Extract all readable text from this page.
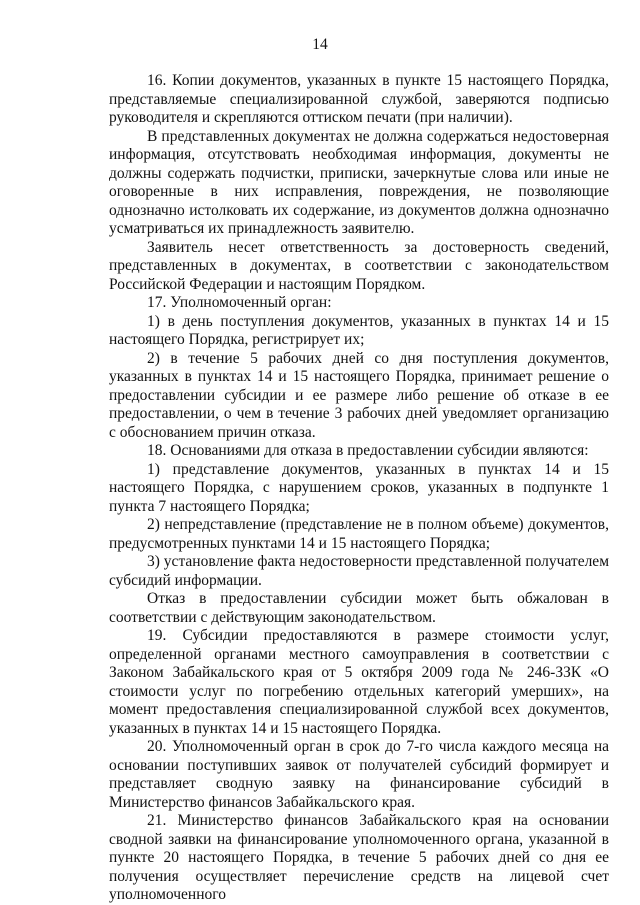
14

16. Копии документов, указанных в пункте 15 настоящего Порядка, представляемые специализированной службой, заверяются подписью руководителя и скрепляются оттиском печати (при наличии).

В представленных документах не должна содержаться недостоверная информация, отсутствовать необходимая информация, документы не должны содержать подчистки, приписки, зачеркнутые слова или иные не оговоренные в них исправления, повреждения, не позволяющие однозначно истолковать их содержание, из документов должна однозначно усматриваться их принадлежность заявителю.

Заявитель несет ответственность за достоверность сведений, представленных в документах, в соответствии с законодательством Российской Федерации и настоящим Порядком.

17. Уполномоченный орган:

1) в день поступления документов, указанных в пунктах 14 и 15 настоящего Порядка, регистрирует их;

2) в течение 5 рабочих дней со дня поступления документов, указанных в пунктах 14 и 15 настоящего Порядка, принимает решение о предоставлении субсидии и ее размере либо решение об отказе в ее предоставлении, о чем в течение 3 рабочих дней уведомляет организацию с обоснованием причин отказа.

18. Основаниями для отказа в предоставлении субсидии являются:

1) представление документов, указанных в пунктах 14 и 15 настоящего Порядка, с нарушением сроков, указанных в подпункте 1 пункта 7 настоящего Порядка;

2) непредставление (представление не в полном объеме) документов, предусмотренных пунктами 14 и 15 настоящего Порядка;

3) установление факта недостоверности представленной получателем субсидий информации.

Отказ в предоставлении субсидии может быть обжалован в соответствии с действующим законодательством.

19. Субсидии предоставляются в размере стоимости услуг, определенной органами местного самоуправления в соответствии с Законом Забайкальского края от 5 октября 2009 года № 246-ЗЗК «О стоимости услуг по погребению отдельных категорий умерших», на момент предоставления специализированной службой всех документов, указанных в пунктах 14 и 15 настоящего Порядка.

20. Уполномоченный орган в срок до 7-го числа каждого месяца на основании поступивших заявок от получателей субсидий формирует и представляет сводную заявку на финансирование субсидий в Министерство финансов Забайкальского края.

21. Министерство финансов Забайкальского края на основании сводной заявки на финансирование уполномоченного органа, указанной в пункте 20 настоящего Порядка, в течение 5 рабочих дней со дня ее получения осуществляет перечисление средств на лицевой счет уполномоченного
